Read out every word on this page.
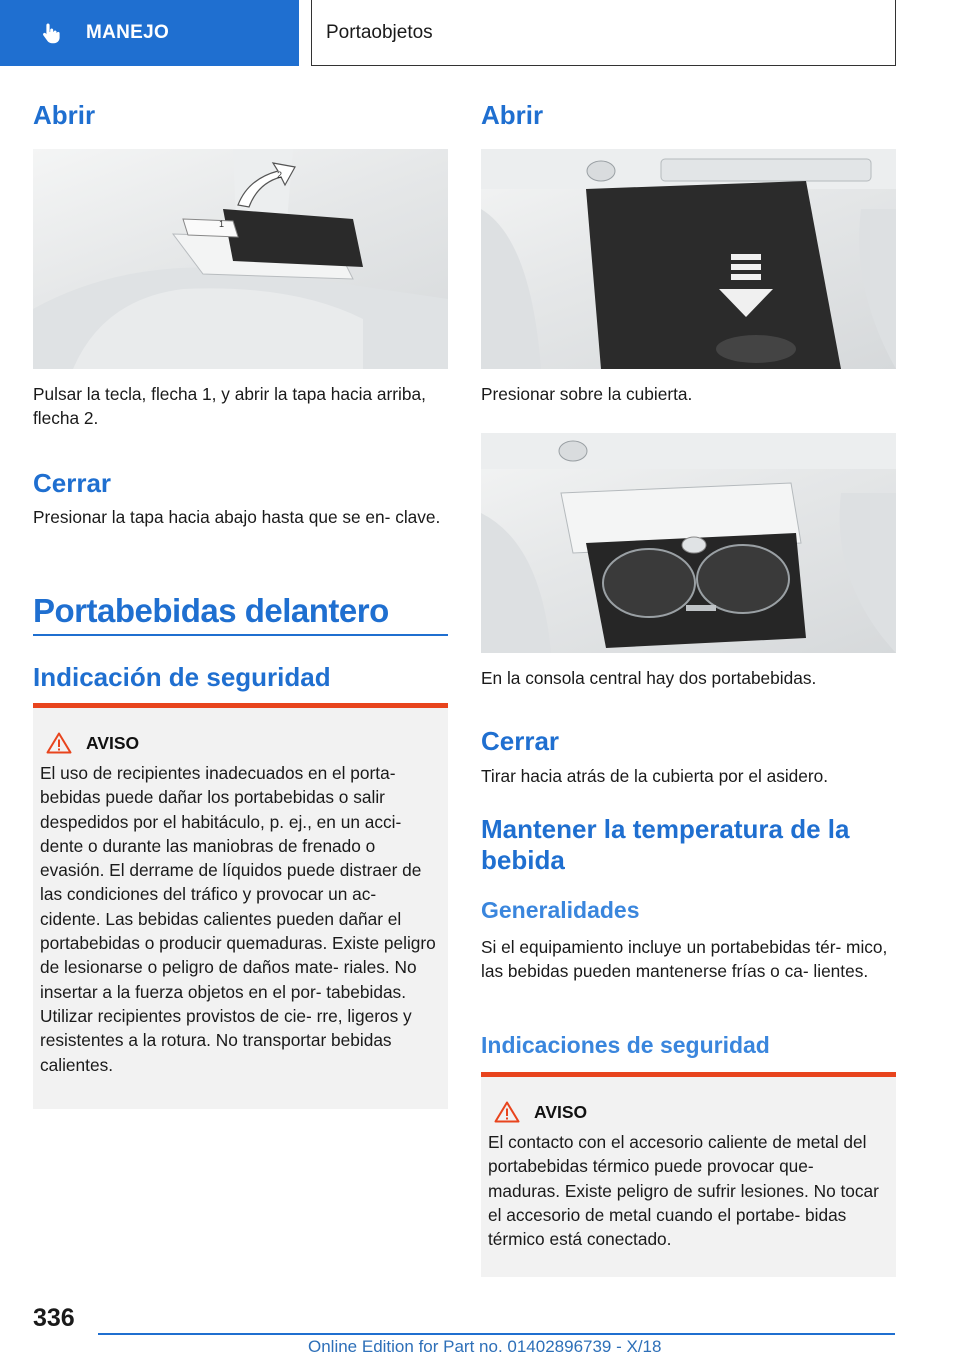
MANEJO	Portaobjetos
Abrir
1
2

Pulsar la tecla, flecha 1, y abrir la tapa hacia arriba, flecha 2.

Cerrar

Presionar la tapa hacia abajo hasta que se en‐ clave.

Portabebidas delantero
Indicación de seguridad
AVISO

El uso de recipientes inadecuados en el porta‐ bebidas puede dañar los portabebidas o salir despedidos por el habitáculo, p. ej., en un acci‐ dente o durante las maniobras de frenado o evasión. El derrame de líquidos puede distraer de las condiciones del tráfico y provocar un ac‐ cidente. Las bebidas calientes pueden dañar el portabebidas o producir quemaduras. Existe peligro de lesionarse o peligro de daños mate‐ riales. No insertar a la fuerza objetos en el por‐ tabebidas. Utilizar recipientes provistos de cie‐ rre, ligeros y resistentes a la rotura. No transportar bebidas calientes.

Abrir

Presionar sobre la cubierta.

En la consola central hay dos portabebidas.

Cerrar

Tirar hacia atrás de la cubierta por el asidero.

Mantener la temperatura de la bebida
Generalidades

Si el equipamiento incluye un portabebidas tér‐ mico, las bebidas pueden mantenerse frías o ca‐ lientes.

Indicaciones de seguridad
AVISO

El contacto con el accesorio caliente de metal del portabebidas térmico puede provocar que‐ maduras. Existe peligro de sufrir lesiones. No tocar el accesorio de metal cuando el portabe‐ bidas térmico está conectado.

336
Online Edition for Part no. 01402896739 - X/18
